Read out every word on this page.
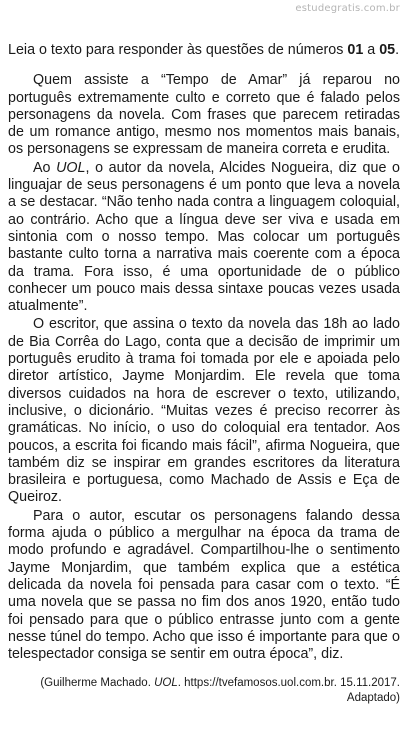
estudegratis.com.br
Leia o texto para responder às questões de números 01 a 05.

Quem assiste a “Tempo de Amar” já reparou no português extremamente culto e correto que é falado pelos personagens da novela. Com frases que parecem retiradas de um romance antigo, mesmo nos momentos mais banais, os personagens se expressam de maneira correta e erudita.

Ao UOL, o autor da novela, Alcides Nogueira, diz que o linguajar de seus personagens é um ponto que leva a novela a se destacar. “Não tenho nada contra a linguagem coloquial, ao contrário. Acho que a língua deve ser viva e usada em sintonia com o nosso tempo. Mas colocar um português bastante culto torna a narrativa mais coerente com a época da trama. Fora isso, é uma oportunidade de o público conhecer um pouco mais dessa sintaxe poucas vezes usada atualmente”.

O escritor, que assina o texto da novela das 18h ao lado de Bia Corrêa do Lago, conta que a decisão de imprimir um português erudito à trama foi tomada por ele e apoiada pelo diretor artístico, Jayme Monjardim. Ele revela que toma diversos cuidados na hora de escrever o texto, utilizando, inclusive, o dicionário. “Muitas vezes é preciso recorrer às gramáticas. No início, o uso do coloquial era tentador. Aos poucos, a escrita foi ficando mais fácil”, afirma Nogueira, que também diz se inspirar em grandes escritores da literatura brasileira e portuguesa, como Machado de Assis e Eça de Queiroz.

Para o autor, escutar os personagens falando dessa forma ajuda o público a mergulhar na época da trama de modo profundo e agradável. Compartilhou-lhe o sentimento Jayme Monjardim, que também explica que a estética delicada da novela foi pensada para casar com o texto. “É uma novela que se passa no fim dos anos 1920, então tudo foi pensado para que o público entrasse junto com a gente nesse túnel do tempo. Acho que isso é importante para que o telespectador consiga se sentir em outra época”, diz.

(Guilherme Machado. UOL. https://tvefamosos.uol.com.br. 15.11.2017. Adaptado)
